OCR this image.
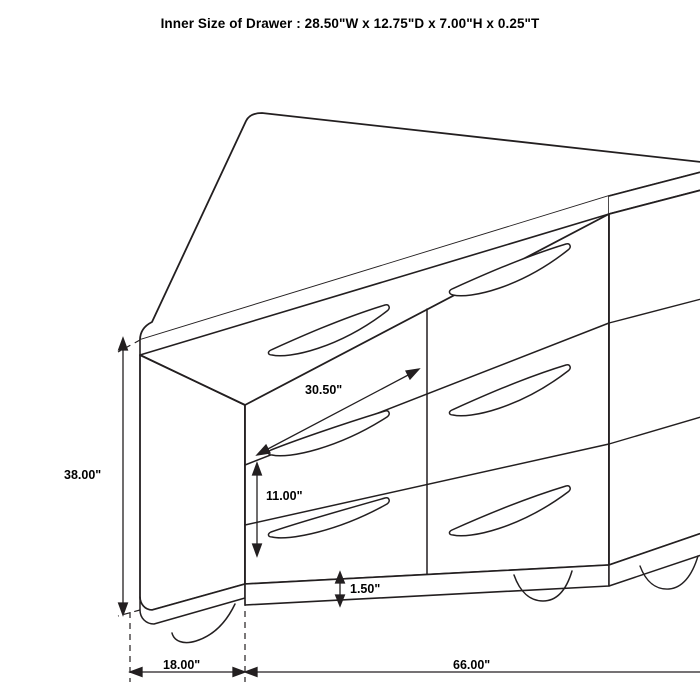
Inner Size of Drawer : 28.50"W x 12.75"D x 7.00"H x 0.25"T
38.00"
18.00"	66.00"
30.50"
11.00"
1.50"
